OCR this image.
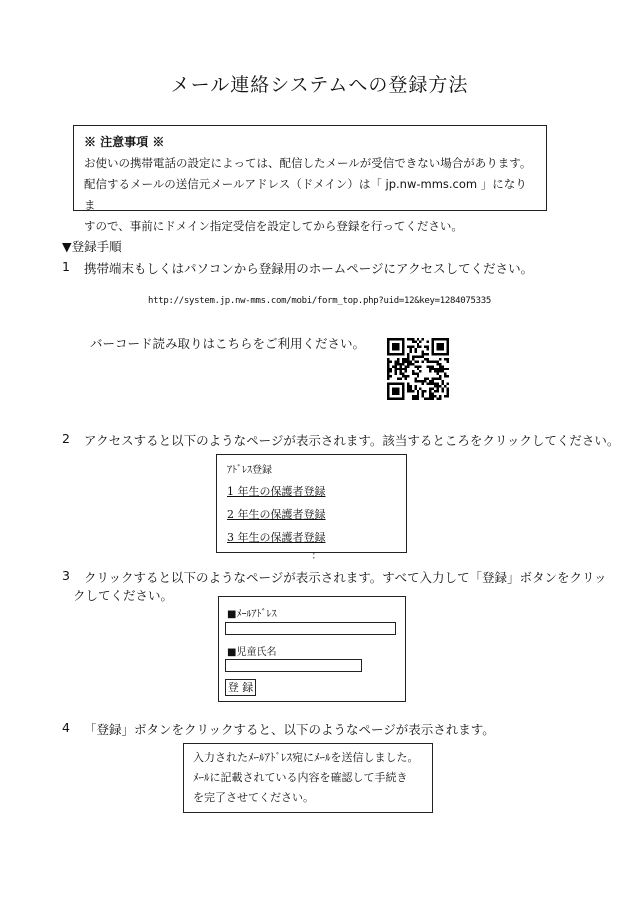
メール連絡システムへの登録方法
※ 注意事項 ※
お使いの携帯電話の設定によっては、配信したメールが受信できない場合があります。
配信するメールの送信元メールアドレス（ドメイン）は「 jp.nw-mms.com 」になりま
すので、事前にドメイン指定受信を設定してから登録を行ってください。
▼登録手順
1 携帯端末もしくはパソコンから登録用のホームページにアクセスしてください。
http://system.jp.nw-mms.com/mobi/form_top.php?uid=12&key=1284075335
バーコード読み取りはこちらをご利用ください。
2 アクセスすると以下のようなページが表示されます。該当するところをクリックしてください。
ｱﾄﾞﾚｽ登録
1 年生の保護者登録
2 年生の保護者登録
3 年生の保護者登録
：
3 クリックすると以下のようなページが表示されます。すべて入力して「登録」ボタンをクリッ
クしてください。
■ﾒｰﾙｱﾄﾞﾚｽ
■児童氏名
登 録
4 「登録」ボタンをクリックすると、以下のようなページが表示されます。
入力されたﾒｰﾙｱﾄﾞﾚｽ宛にﾒｰﾙを送信しました。
ﾒｰﾙに記載されている内容を確認して手続き
を完了させてください。
